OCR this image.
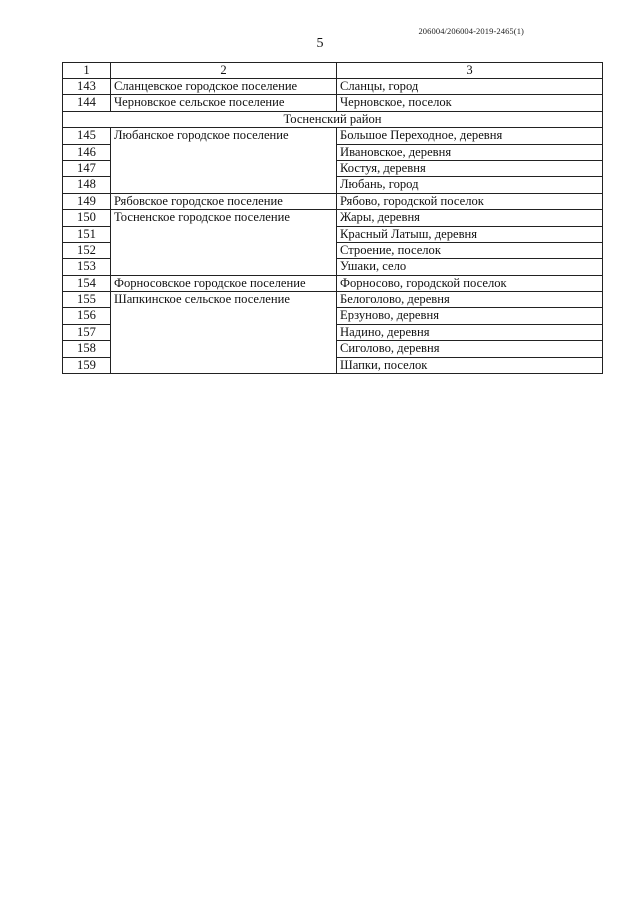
206004/206004-2019-2465(1)
5
1	2	3
143	Сланцевское городское поселение	Сланцы, город
144	Черновское сельское поселение	Черновское, поселок
Тосненский район		
145	Любанское городское поселение	Большое Переходное, деревня
146		Ивановское, деревня
147		Костуя, деревня
148		Любань, город
149	Рябовское городское поселение	Рябово, городской поселок
150	Тосненское городское поселение	Жары, деревня
151		Красный Латыш, деревня
152		Строение, поселок
153		Ушаки, село
154	Форносовское городское поселение	Форносово, городской поселок
155	Шапкинское сельское поселение	Белоголово, деревня
156		Ерзуново, деревня
157		Надино, деревня
158		Сиголово, деревня
159		Шапки, поселок
